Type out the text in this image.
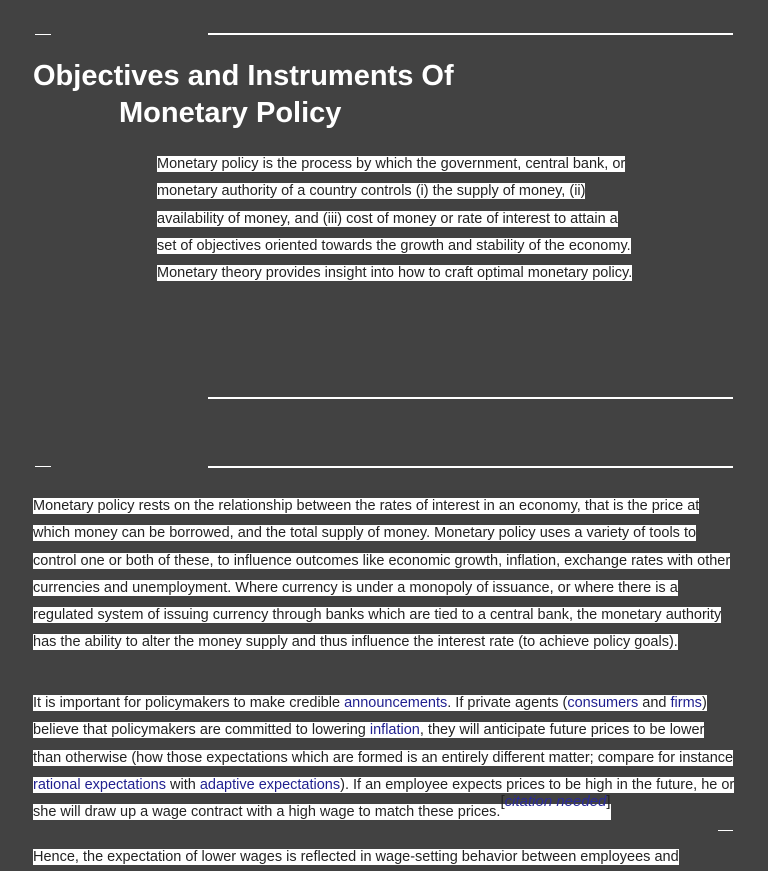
Objectives and Instruments Of
Monetary Policy

Monetary policy is the process by which the government, central bank, or monetary authority of a country controls (i) the supply of money, (ii) availability of money, and (iii) cost of money or rate of interest to attain a set of objectives oriented towards the growth and stability of the economy. Monetary theory provides insight into how to craft optimal monetary policy.

Monetary policy rests on the relationship between the rates of interest in an economy, that is the price at which money can be borrowed, and the total supply of money. Monetary policy uses a variety of tools to control one or both of these, to influence outcomes like economic growth, inflation, exchange rates with other currencies and unemployment. Where currency is under a monopoly of issuance, or where there is a regulated system of issuing currency through banks which are tied to a central bank, the monetary authority has the ability to alter the money supply and thus influence the interest rate (to achieve policy goals).

It is important for policymakers to make credible announcements. If private agents (consumers and firms) believe that policymakers are committed to lowering inflation, they will anticipate future prices to be lower than otherwise (how those expectations which are formed is an entirely different matter; compare for instance rational expectations with adaptive expectations). If an employee expects prices to be high in the future, he or she will draw up a wage contract with a high wage to match these prices.[citation needed]

Hence, the expectation of lower wages is reflected in wage-setting behavior between employees and
